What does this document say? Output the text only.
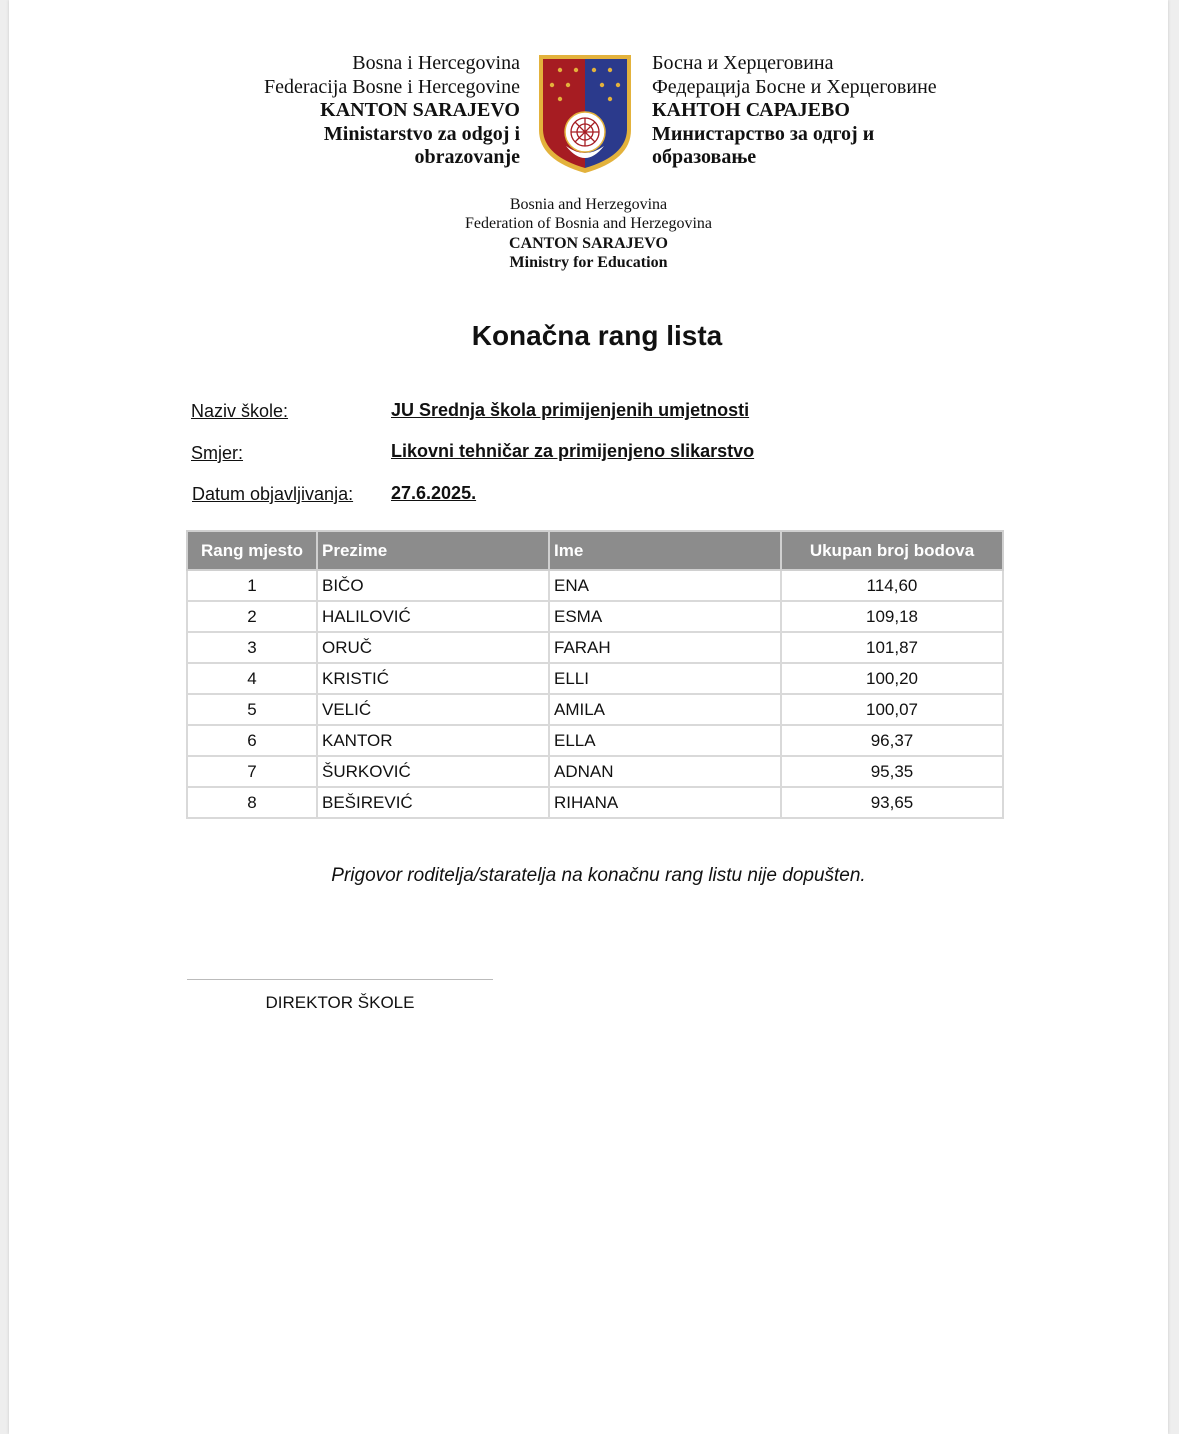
Bosna i Hercegovina
Federacija Bosne i Hercegovine
KANTON SARAJEVO
Ministarstvo za odgoj i
obrazovanje
Босна и Херцеговина
Федерација Босне и Херцеговине
КАНТОН САРАЈЕВО
Министарство за одгој и
образовање
Bosnia and Herzegovina
Federation of Bosnia and Herzegovina
CANTON SARAJEVO
Ministry for Education
Konačna rang lista
Naziv škole:	JU Srednja škola primijenjenih umjetnosti
Smjer:	Likovni tehničar za primijenjeno slikarstvo
Datum objavljivanja: 27.6.2025.
Rang mjesto	Prezime	Ime	Ukupan broj bodova
1	BIČO	ENA	114,60
2	HALILOVIĆ	ESMA	109,18
3	ORUČ	FARAH	101,87
4	KRISTIĆ	ELLI	100,20
5	VELIĆ	AMILA	100,07
6	KANTOR	ELLA	96,37
7	ŠURKOVIĆ	ADNAN	95,35
8	BEŠIREVIĆ	RIHANA	93,65
Prigovor roditelja/staratelja na konačnu rang listu nije dopušten.
DIREKTOR ŠKOLE
